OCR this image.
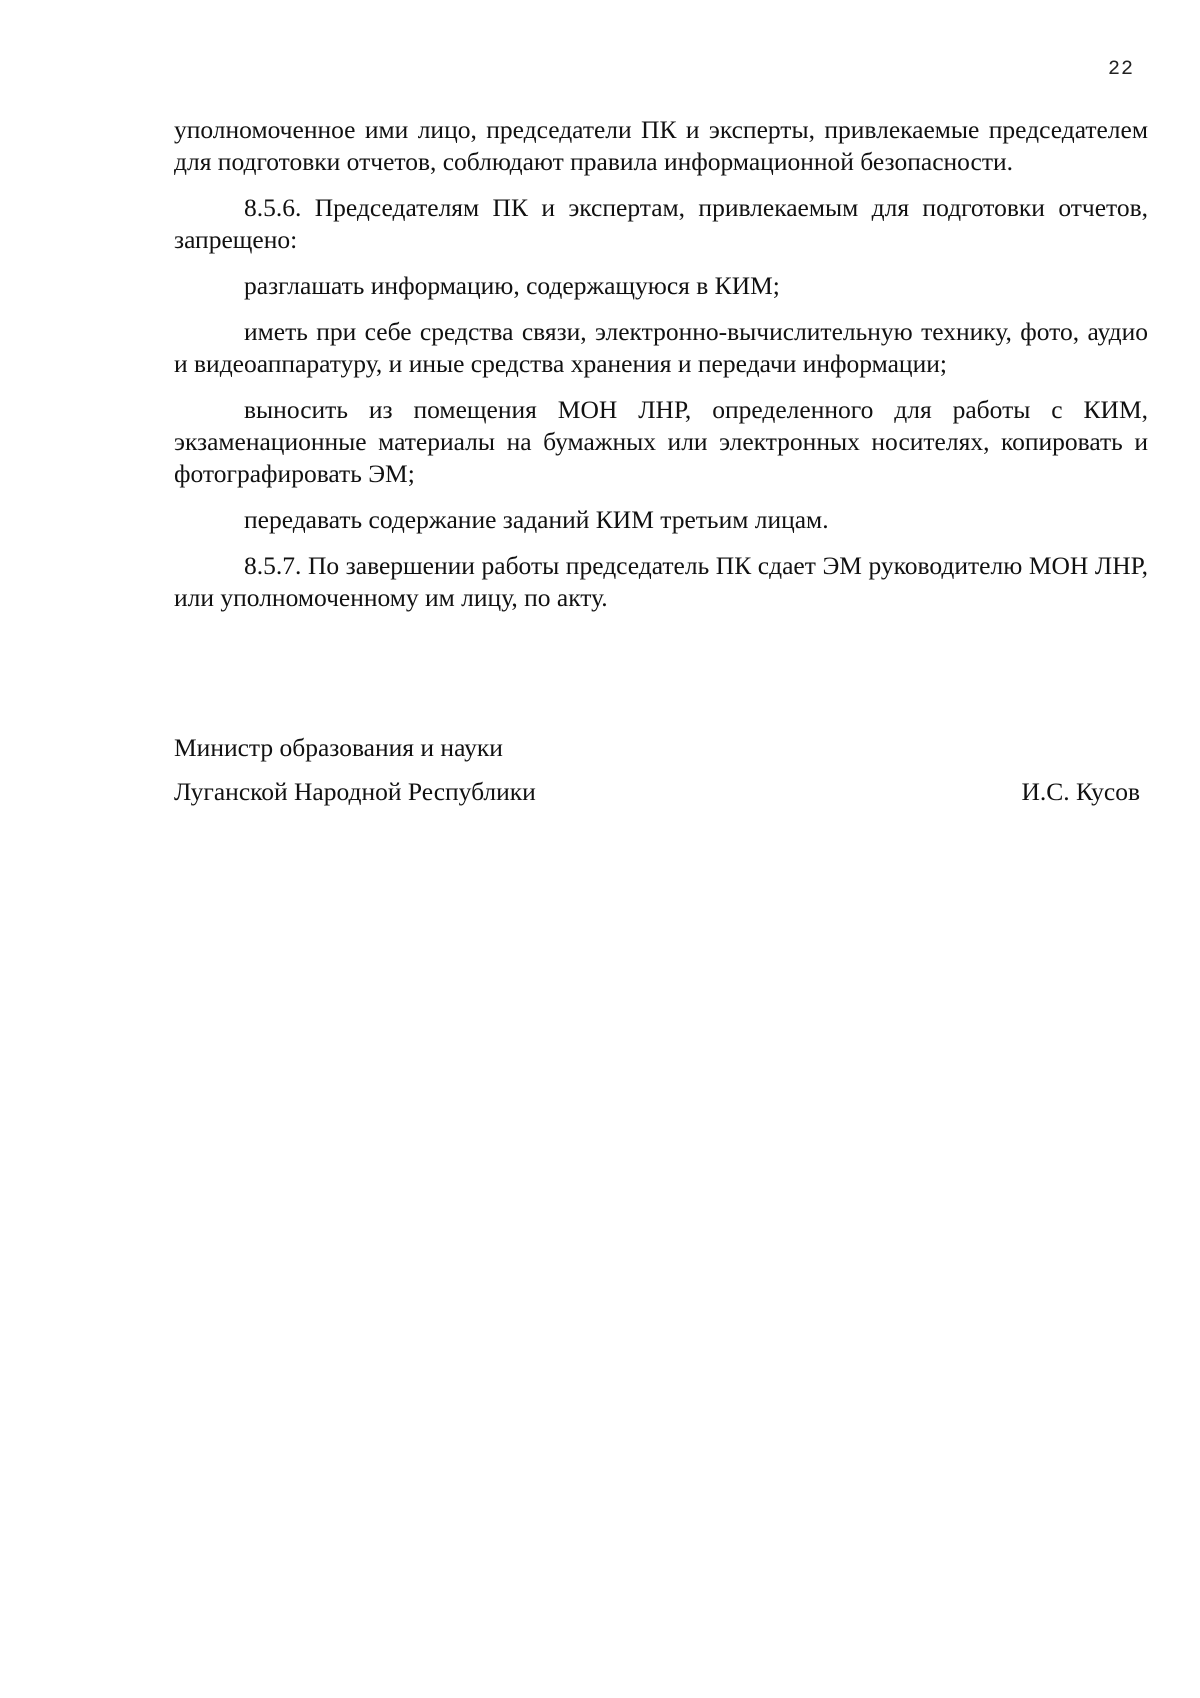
22

уполномоченное ими лицо, председатели ПК и эксперты, привлекаемые председателем для подготовки отчетов, соблюдают правила информационной безопасности.

8.5.6. Председателям ПК и экспертам, привлекаемым для подготовки отчетов, запрещено:

разглашать информацию, содержащуюся в КИМ;

иметь при себе средства связи, электронно-вычислительную технику, фото, аудио и видеоаппаратуру, и иные средства хранения и передачи информации;

выносить из помещения МОН ЛНР, определенного для работы с КИМ, экзаменационные материалы на бумажных или электронных носителях, копировать и фотографировать ЭМ;

передавать содержание заданий КИМ третьим лицам.

8.5.7. По завершении работы председатель ПК сдает ЭМ руководителю МОН ЛНР, или уполномоченному им лицу, по акту.

Министр образования и науки
Луганской Народной Республики	И.С. Кусов
